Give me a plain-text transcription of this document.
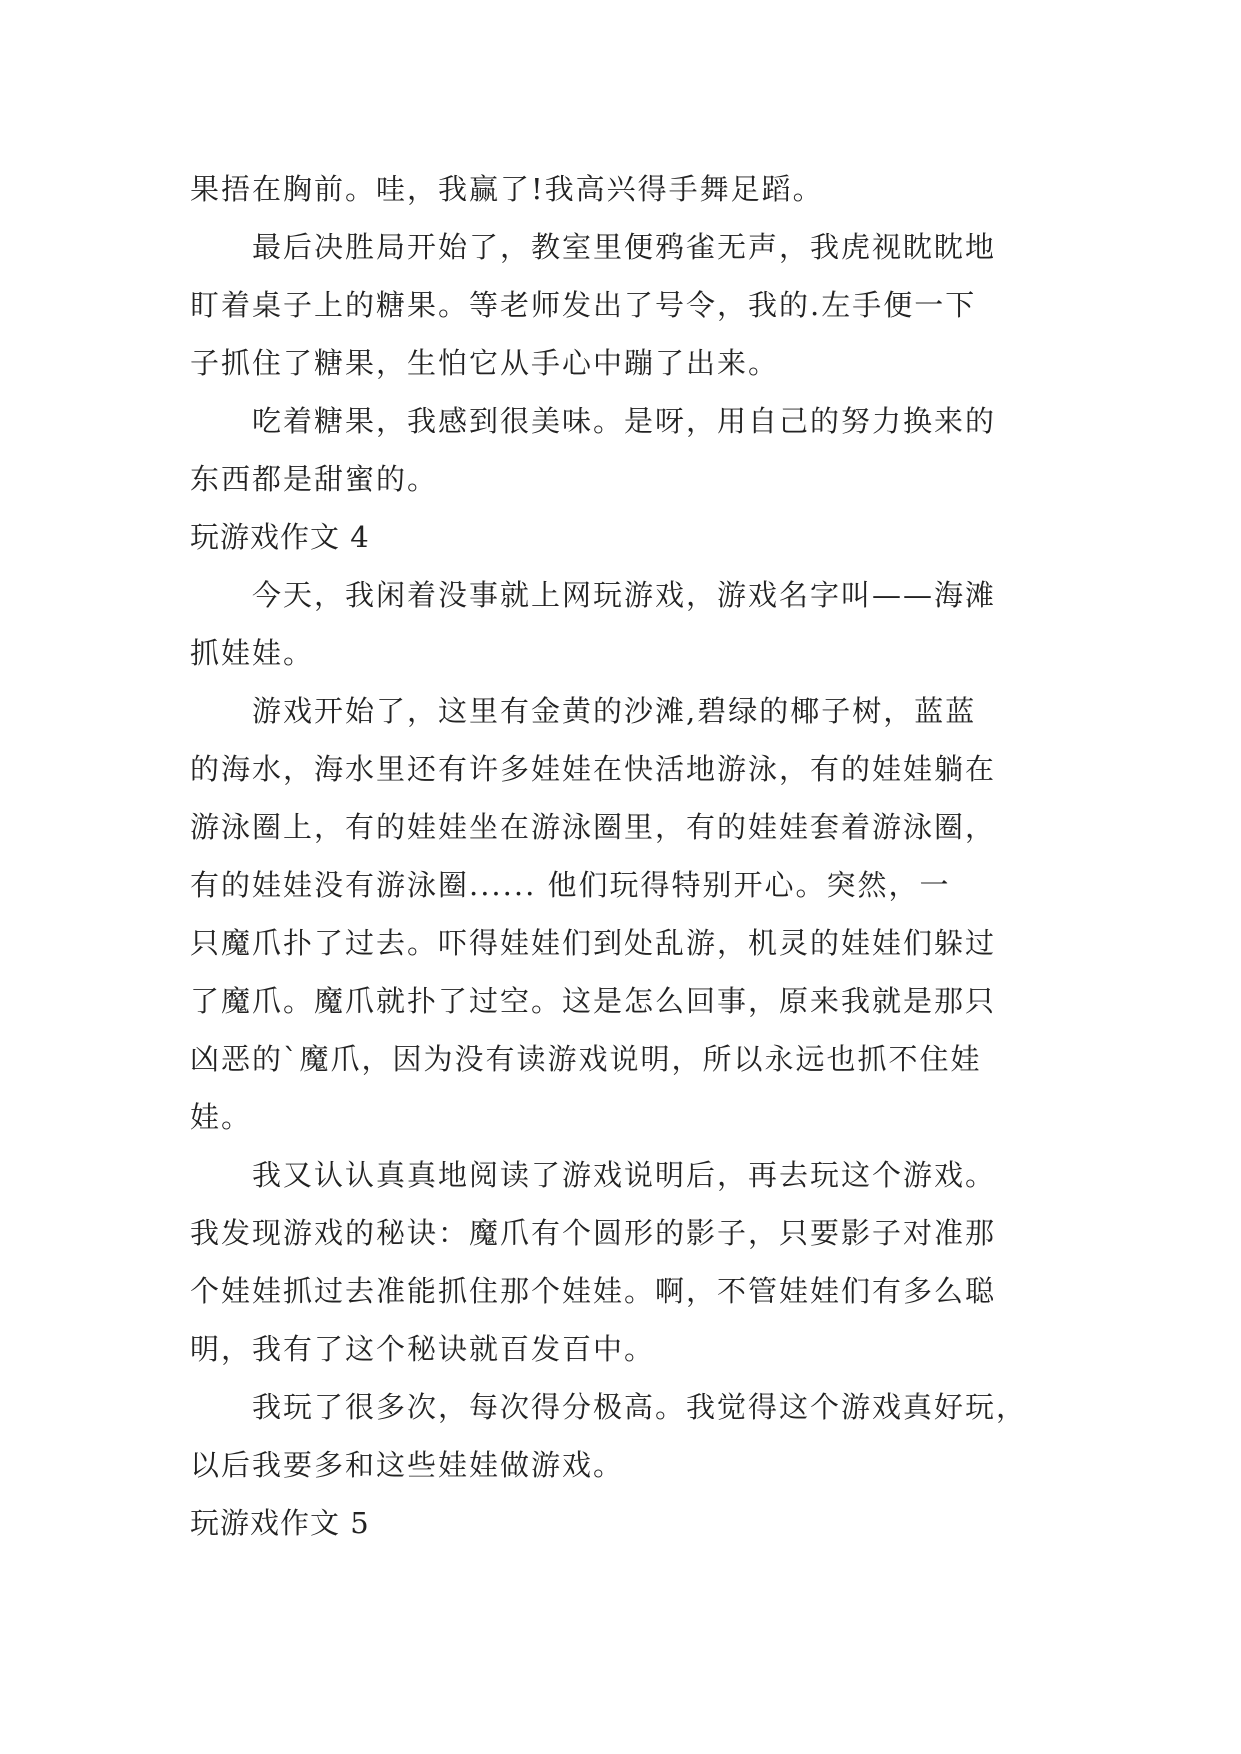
果捂在胸前。哇，我赢了!我高兴得手舞足蹈。
最后决胜局开始了，教室里便鸦雀无声，我虎视眈眈地
盯着桌子上的糖果。等老师发出了号令，我的.左手便一下
子抓住了糖果，生怕它从手心中蹦了出来。
吃着糖果，我感到很美味。是呀，用自己的努力换来的
东西都是甜蜜的。
玩游戏作文 4
今天，我闲着没事就上网玩游戏，游戏名字叫——海滩
抓娃娃。
游戏开始了，这里有金黄的沙滩,碧绿的椰子树，蓝蓝
的海水，海水里还有许多娃娃在快活地游泳，有的娃娃躺在
游泳圈上，有的娃娃坐在游泳圈里，有的娃娃套着游泳圈，
有的娃娃没有游泳圈...... 他们玩得特别开心。突然，一
只魔爪扑了过去。吓得娃娃们到处乱游，机灵的娃娃们躲过
了魔爪。魔爪就扑了过空。这是怎么回事，原来我就是那只
凶恶的`魔爪，因为没有读游戏说明，所以永远也抓不住娃
娃。
我又认认真真地阅读了游戏说明后，再去玩这个游戏。
我发现游戏的秘诀：魔爪有个圆形的影子，只要影子对准那
个娃娃抓过去准能抓住那个娃娃。啊，不管娃娃们有多么聪
明，我有了这个秘诀就百发百中。
我玩了很多次，每次得分极高。我觉得这个游戏真好玩，
以后我要多和这些娃娃做游戏。
玩游戏作文 5
